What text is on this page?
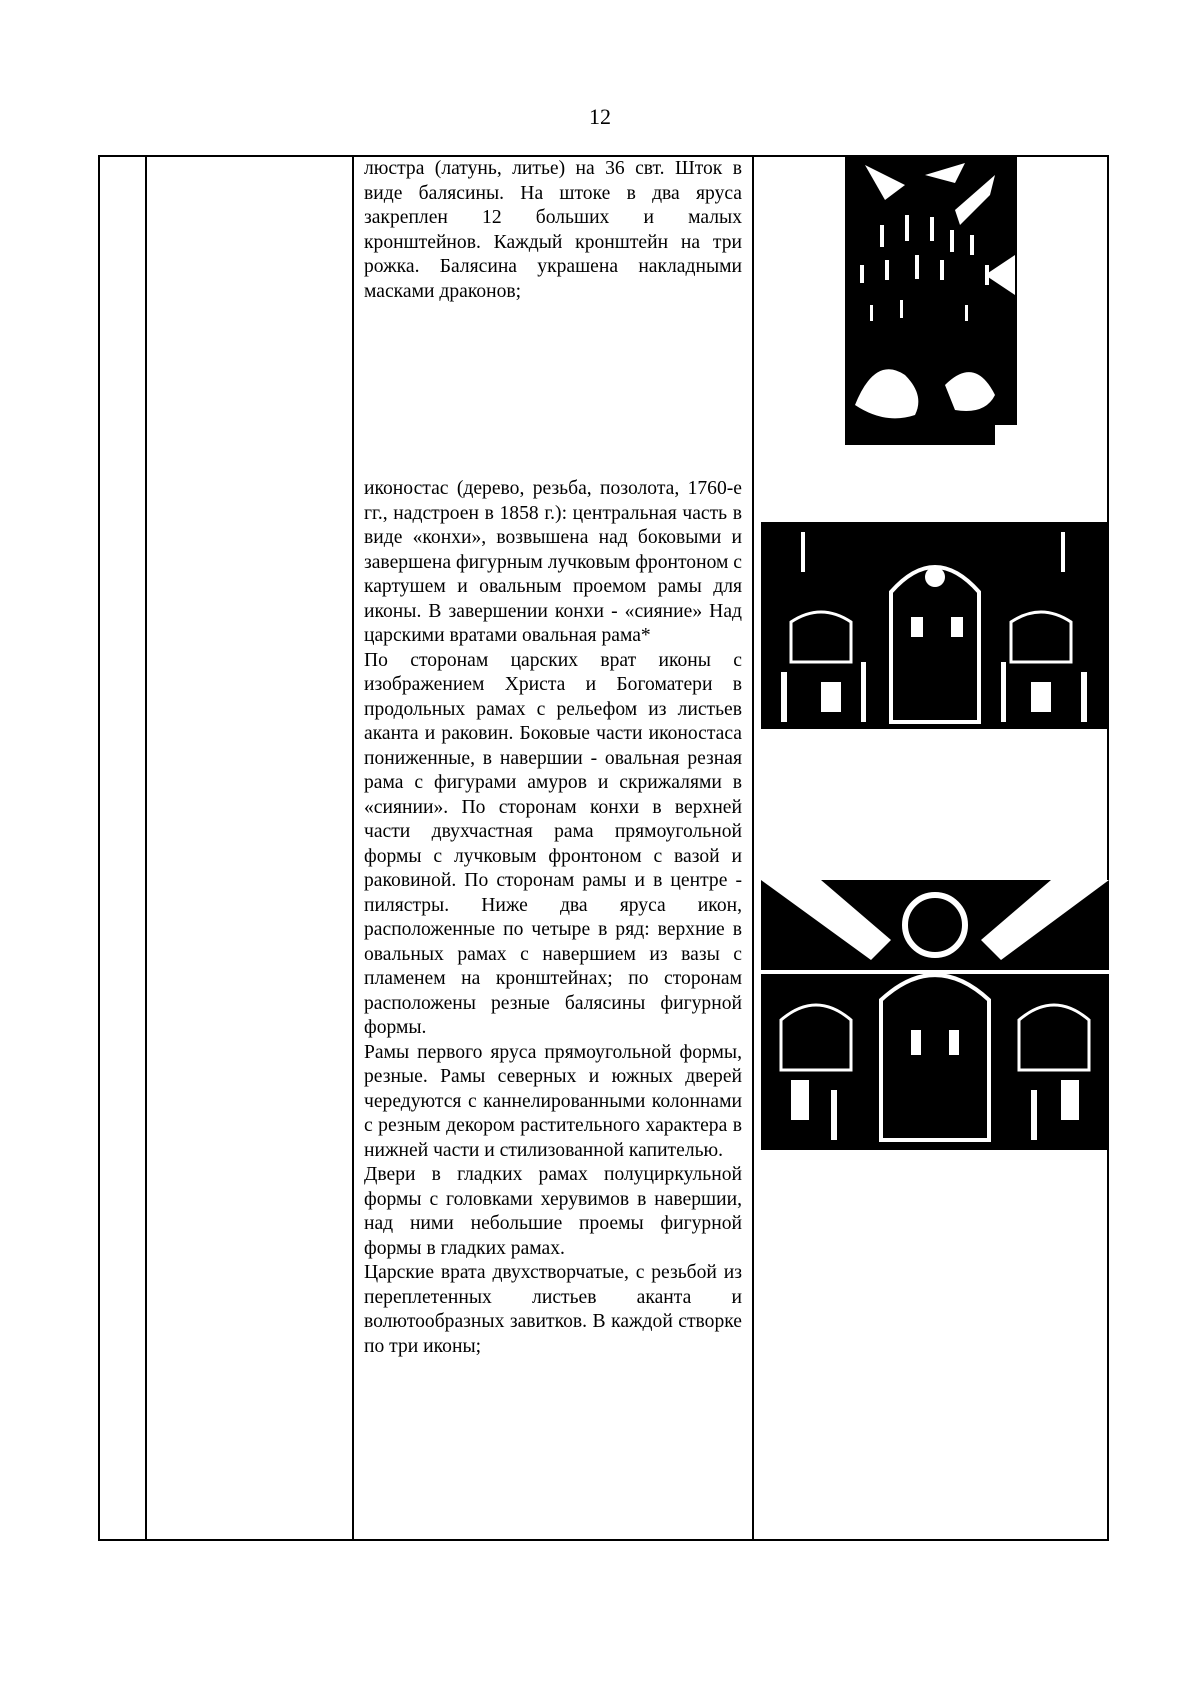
12

люстра (латунь, литье) на 36 свт. Шток в виде балясины. На штоке в два яруса закреплен 12 больших и малых кронштейнов. Каждый кронштейн на три рожка. Балясина украшена накладными масками драконов;

иконостас (дерево, резьба, позолота, 1760-е гг., надстроен в 1858 г.): центральная часть в виде «конхи», возвышена над боковыми и завершена фигурным лучковым фронтоном с картушем и овальным проемом рамы для иконы. В завершении конхи - «сияние» Над царскими вратами овальная рама*

По сторонам царских врат иконы с изображением Христа и Богоматери в продольных рамах с рельефом из листьев аканта и раковин. Боковые части иконостаса пониженные, в навершии - овальная резная рама с фигурами амуров и скрижалями в «сиянии». По сторонам конхи в верхней части двухчастная рама прямоугольной формы с лучковым фронтоном с вазой и раковиной. По сторонам рамы и в центре - пилястры. Ниже два яруса икон, расположенные по четыре в ряд: верхние в овальных рамах с навершием из вазы с пламенем на кронштейнах; по сторонам расположены резные балясины фигурной формы.

Рамы первого яруса прямоугольной формы, резные. Рамы северных и южных дверей чередуются с каннелированными колоннами с резным декором растительного характера в нижней части и стилизованной капителью.

Двери в гладких рамах полуциркульной формы с головками херувимов в навершии, над ними небольшие проемы фигурной формы в гладких рамах.

Царские врата двухстворчатые, с резьбой из переплетенных листьев аканта и волютообразных завитков. В каждой створке по три иконы;
